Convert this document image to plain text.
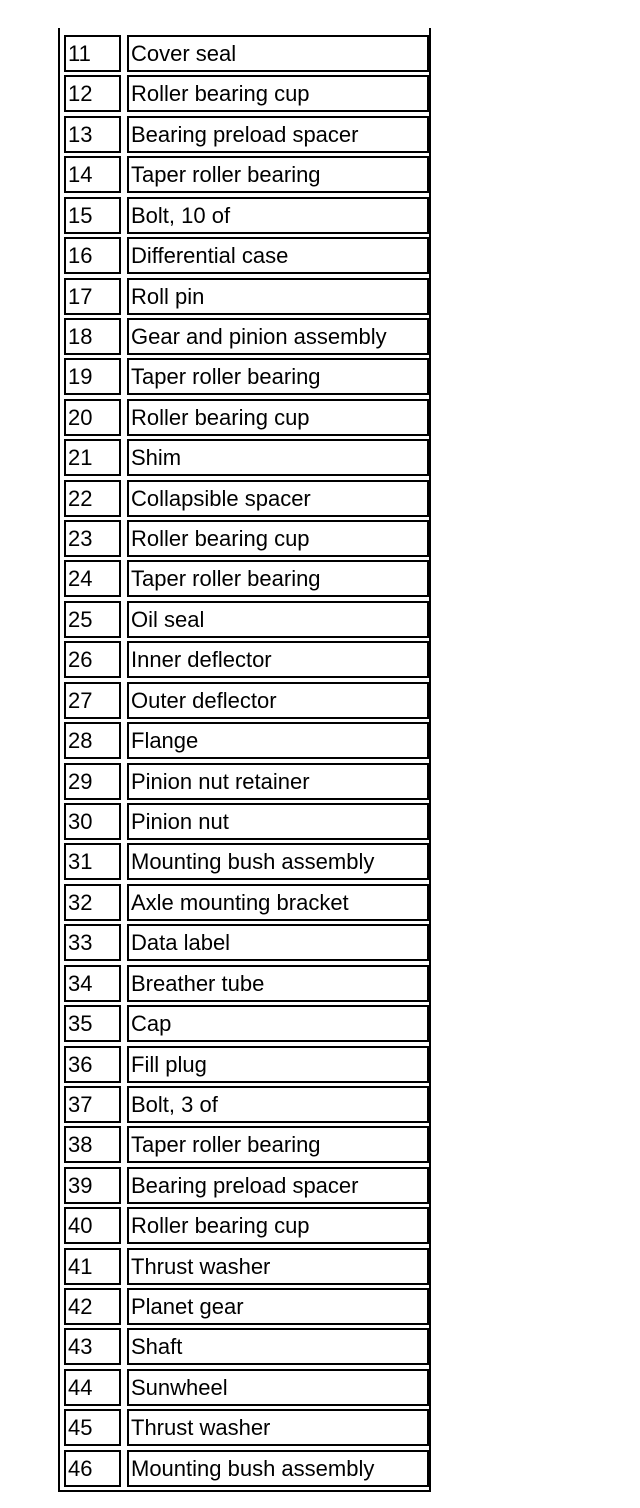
11	Cover seal
12	Roller bearing cup
13	Bearing preload spacer
14	Taper roller bearing
15	Bolt, 10 of
16	Differential case
17	Roll pin
18	Gear and pinion assembly
19	Taper roller bearing
20	Roller bearing cup
21	Shim
22	Collapsible spacer
23	Roller bearing cup
24	Taper roller bearing
25	Oil seal
26	Inner deflector
27	Outer deflector
28	Flange
29	Pinion nut retainer
30	Pinion nut
31	Mounting bush assembly
32	Axle mounting bracket
33	Data label
34	Breather tube
35	Cap
36	Fill plug
37	Bolt, 3 of
38	Taper roller bearing
39	Bearing preload spacer
40	Roller bearing cup
41	Thrust washer
42	Planet gear
43	Shaft
44	Sunwheel
45	Thrust washer
46	Mounting bush assembly
